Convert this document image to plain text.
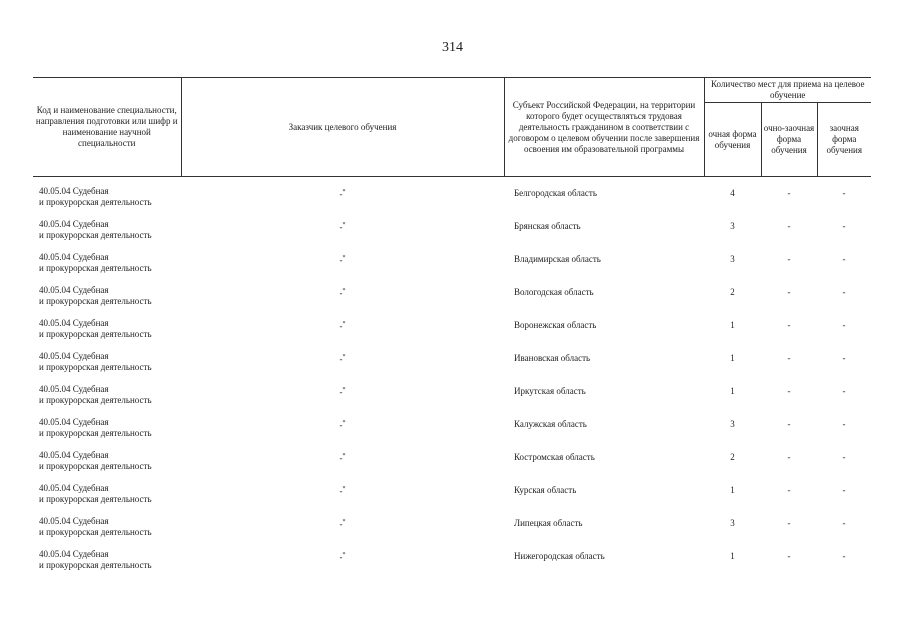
314
Код и наименование специальности, направления подготовки или шифр и наименование научной специальности	Заказчик целевого обучения	Субъект Российской Федерации, на территории которого будет осуществляться трудовая деятельность гражданином в соответствии с договором о целевом обучении после завершения освоения им образовательной программы	Количество мест для приема на целевое обучение		
			очная форма обучения	очно-заочная форма обучения	заочная форма обучения

40.05.04 Судебная
и прокурорская деятельность	-*	Белгородская область	4	-	-

40.05.04 Судебная
и прокурорская деятельность	-*	Брянская область	3	-	-

40.05.04 Судебная
и прокурорская деятельность	-*	Владимирская область	3	-	-

40.05.04 Судебная
и прокурорская деятельность	-*	Вологодская область	2	-	-

40.05.04 Судебная
и прокурорская деятельность	-*	Воронежская область	1	-	-

40.05.04 Судебная
и прокурорская деятельность	-*	Ивановская область	1	-	-

40.05.04 Судебная
и прокурорская деятельность	-*	Иркутская область	1	-	-

40.05.04 Судебная
и прокурорская деятельность	-*	Калужская область	3	-	-

40.05.04 Судебная
и прокурорская деятельность	-*	Костромская область	2	-	-

40.05.04 Судебная
и прокурорская деятельность	-*	Курская область	1	-	-

40.05.04 Судебная
и прокурорская деятельность	-*	Липецкая область	3	-	-

40.05.04 Судебная
и прокурорская деятельность	-*	Нижегородская область	1	-	-
